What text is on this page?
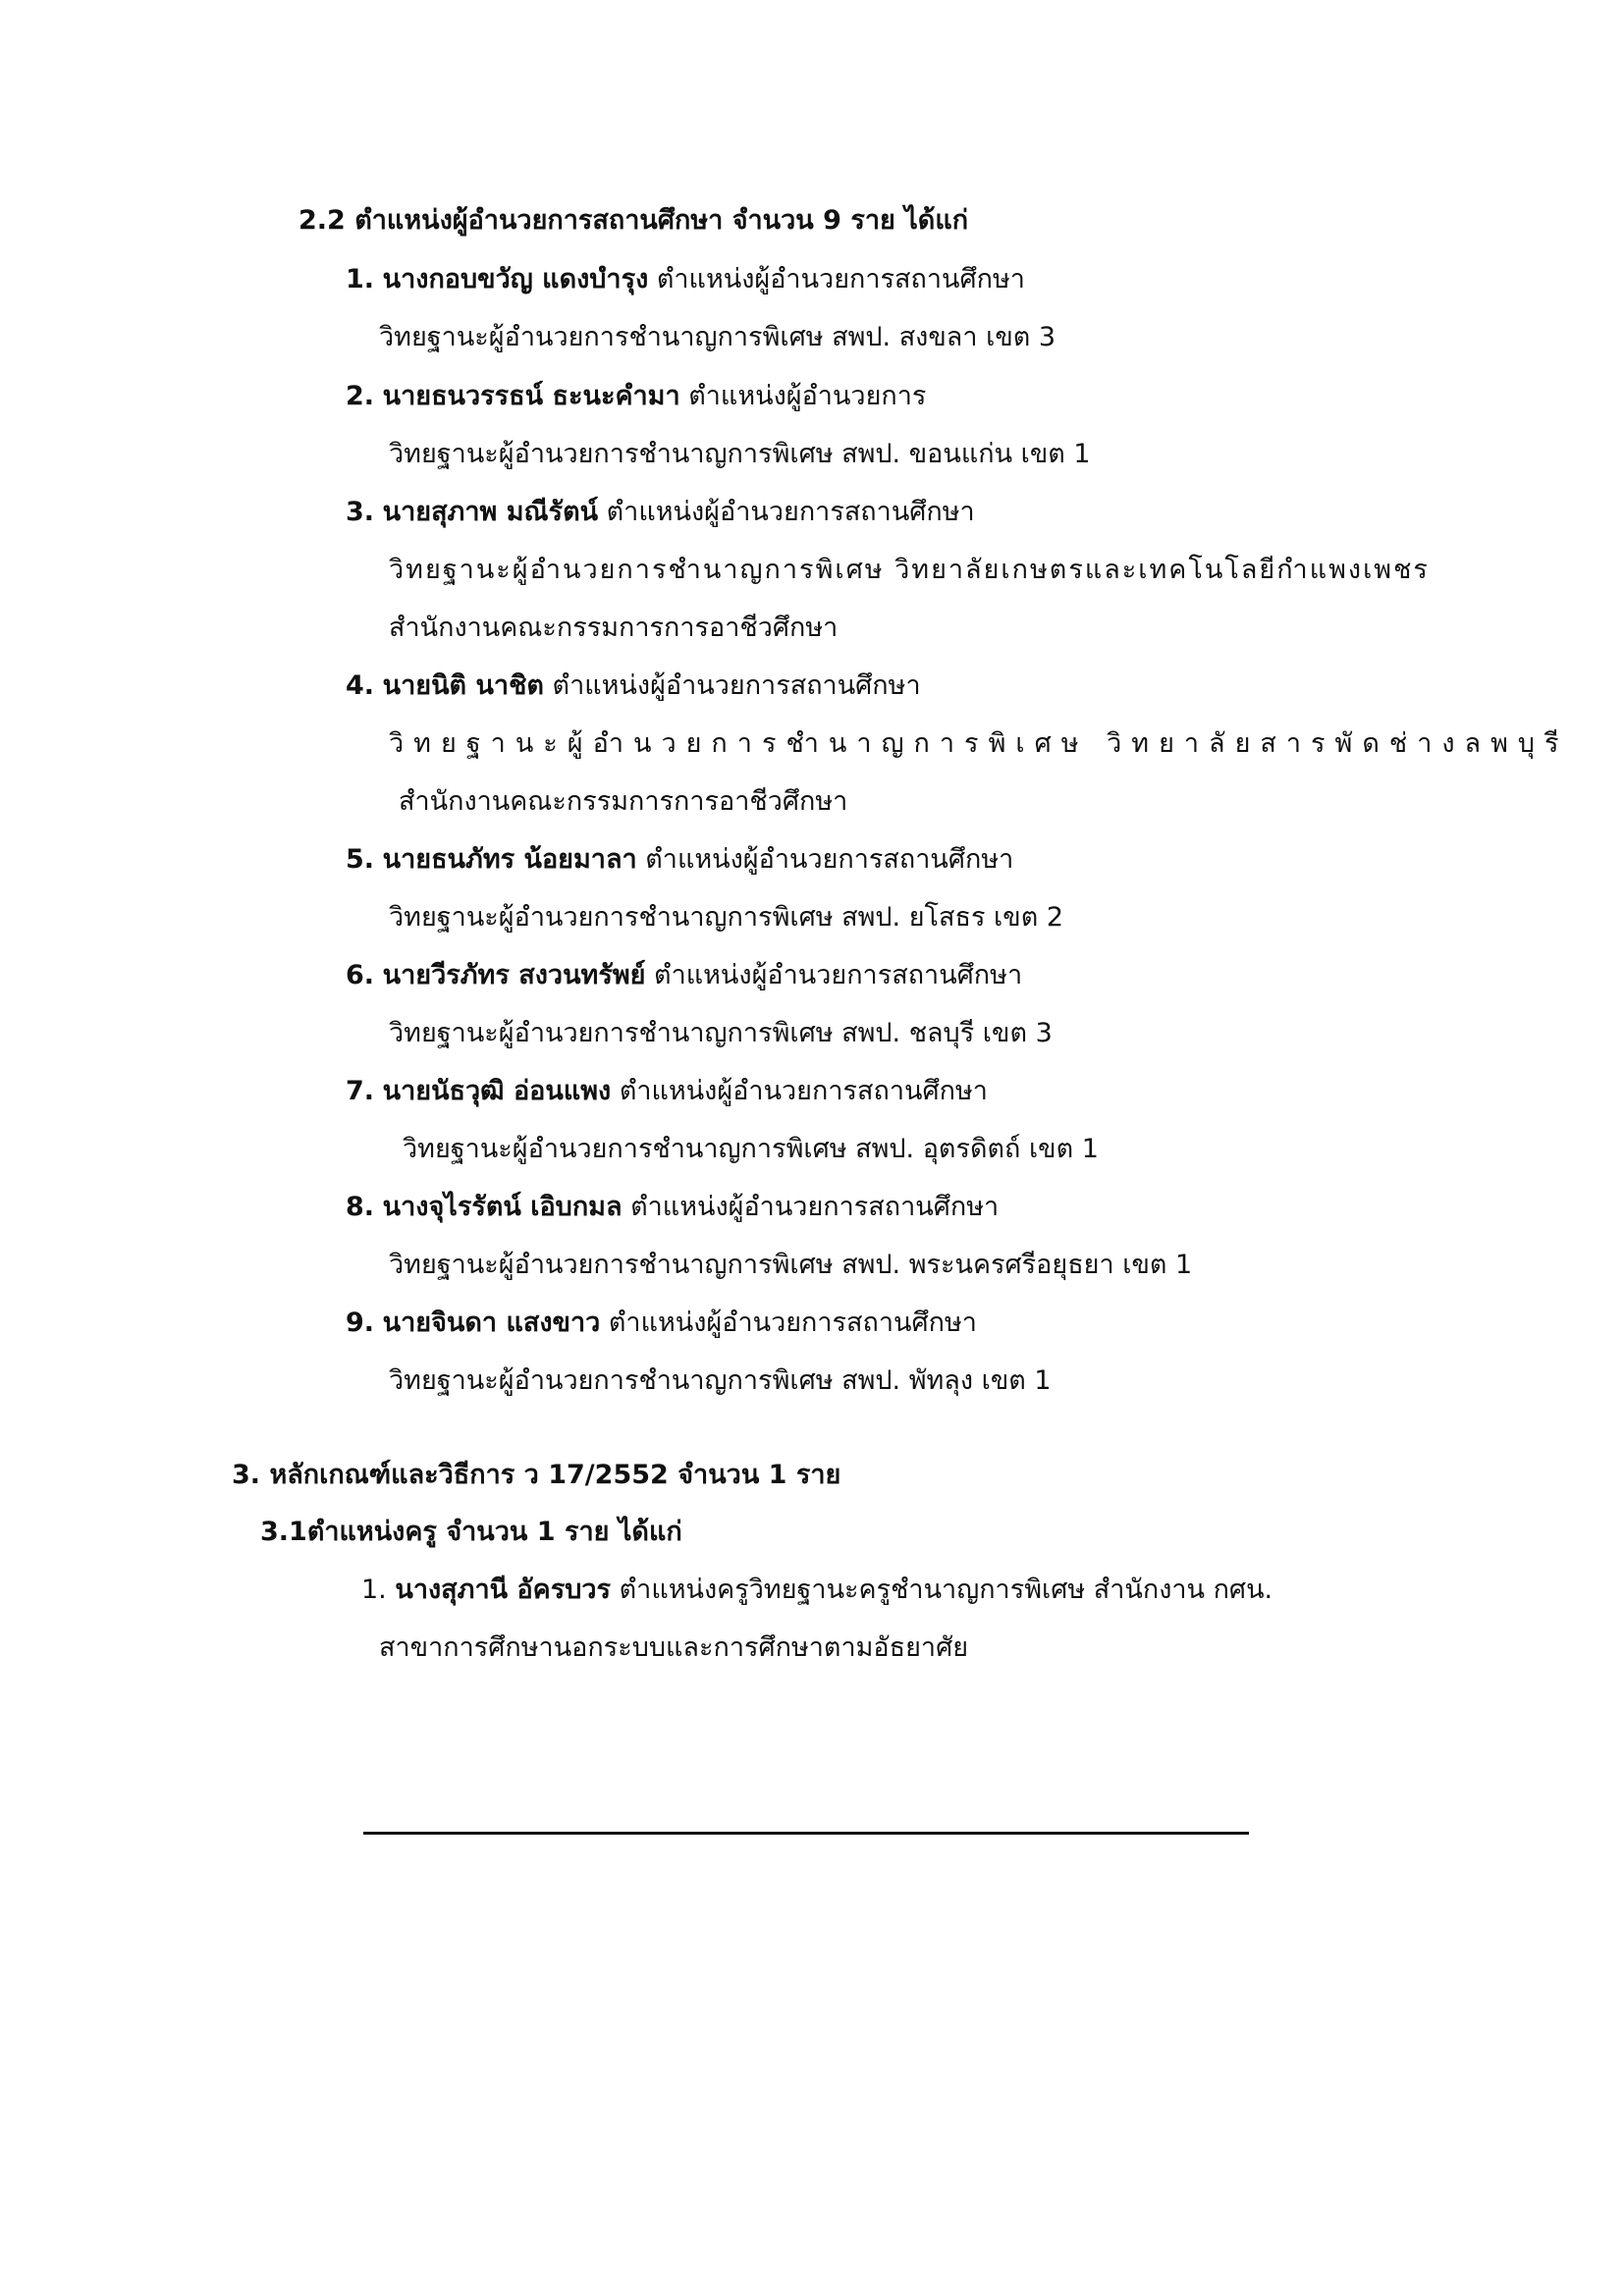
2.2 ตำแหน่งผู้อำนวยการสถานศึกษา จำนวน 9 ราย ได้แก่
1. นางกอบขวัญ แดงบำรุง ตำแหน่งผู้อำนวยการสถานศึกษา
วิทยฐานะผู้อำนวยการชำนาญการพิเศษ สพป. สงขลา เขต 3
2. นายธนวรรธน์ ธะนะคำมา ตำแหน่งผู้อำนวยการ
วิทยฐานะผู้อำนวยการชำนาญการพิเศษ สพป. ขอนแก่น เขต 1
3. นายสุภาพ มณีรัตน์ ตำแหน่งผู้อำนวยการสถานศึกษา
วิทยฐานะผู้อำนวยการชำนาญการพิเศษ วิทยาลัยเกษตรและเทคโนโลยีกำแพงเพชร
สำนักงานคณะกรรมการการอาชีวศึกษา
4. นายนิติ นาชิต ตำแหน่งผู้อำนวยการสถานศึกษา
วิทยฐานะผู้อำนวยการชำนาญการพิเศษ วิทยาลัยสารพัดช่างลพบุรี
สำนักงานคณะกรรมการการอาชีวศึกษา
5. นายธนภัทร น้อยมาลา ตำแหน่งผู้อำนวยการสถานศึกษา
วิทยฐานะผู้อำนวยการชำนาญการพิเศษ สพป. ยโสธร เขต 2
6. นายวีรภัทร สงวนทรัพย์ ตำแหน่งผู้อำนวยการสถานศึกษา
วิทยฐานะผู้อำนวยการชำนาญการพิเศษ สพป. ชลบุรี เขต 3
7. นายนัธวุฒิ อ่อนแพง ตำแหน่งผู้อำนวยการสถานศึกษา
วิทยฐานะผู้อำนวยการชำนาญการพิเศษ สพป. อุตรดิตถ์ เขต 1
8. นางจุไรรัตน์ เอิบกมล ตำแหน่งผู้อำนวยการสถานศึกษา
วิทยฐานะผู้อำนวยการชำนาญการพิเศษ สพป. พระนครศรีอยุธยา เขต 1
9. นายจินดา แสงขาว ตำแหน่งผู้อำนวยการสถานศึกษา
วิทยฐานะผู้อำนวยการชำนาญการพิเศษ สพป. พัทลุง เขต 1
3. หลักเกณฑ์และวิธีการ ว 17/2552 จำนวน 1 ราย
3.1ตำแหน่งครู จำนวน 1 ราย ได้แก่
1. นางสุภานี อัครบวร ตำแหน่งครูวิทยฐานะครูชำนาญการพิเศษ สำนักงาน กศน.
สาขาการศึกษานอกระบบและการศึกษาตามอัธยาศัย
